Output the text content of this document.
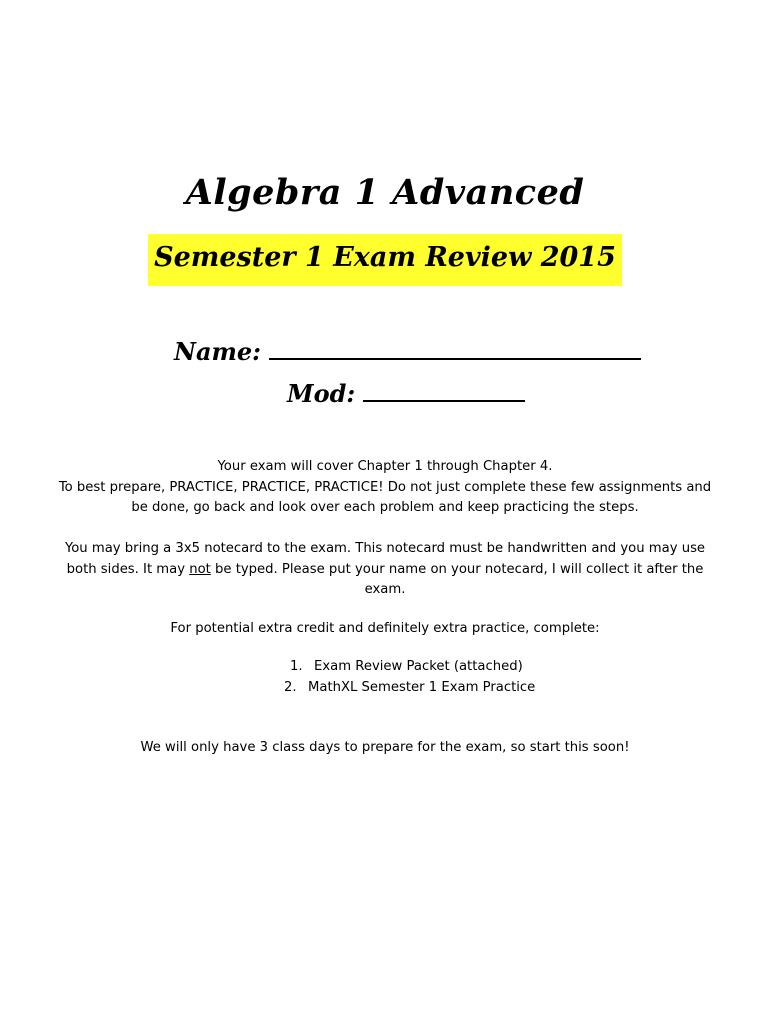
Algebra 1 Advanced
Semester 1 Exam Review 2015
Name:
Mod:
Your exam will cover Chapter 1 through Chapter 4.
To best prepare, PRACTICE, PRACTICE, PRACTICE! Do not just complete these few assignments and be done, go back and look over each problem and keep practicing the steps.
You may bring a 3x5 notecard to the exam. This notecard must be handwritten and you may use both sides. It may not be typed. Please put your name on your notecard, I will collect it after the exam.
For potential extra credit and definitely extra practice, complete:
1. Exam Review Packet (attached)
2. MathXL Semester 1 Exam Practice
We will only have 3 class days to prepare for the exam, so start this soon!
